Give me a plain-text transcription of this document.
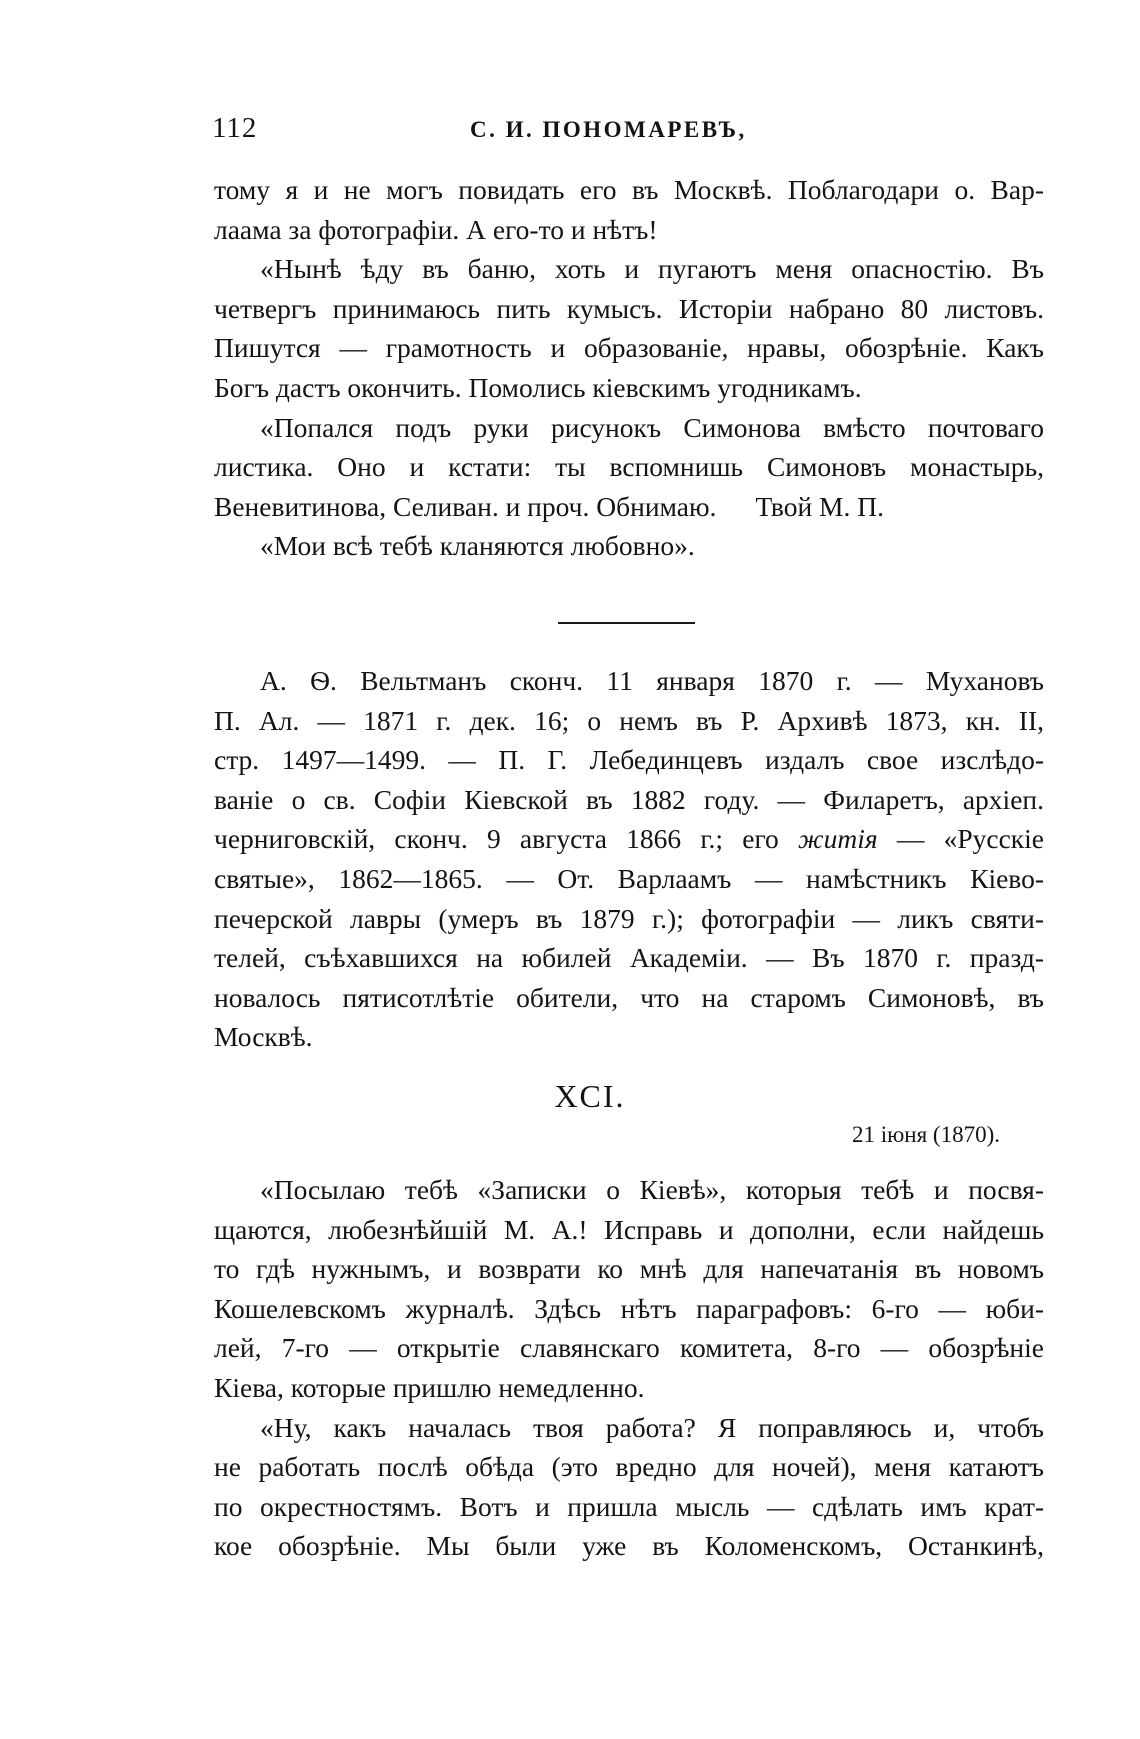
112	С. И. ПОНОМАРЕВЪ,
тому я и не могъ повидать его въ Москвѣ. Поблагодари о. Вар-
лаама за фотографіи. А его-то и нѣтъ!
«Нынѣ ѣду въ баню, хоть и пугаютъ меня опасностію. Въ
четвергъ принимаюсь пить кумысъ. Исторіи набрано 80 листовъ.
Пишутся — грамотность и образованіе, нравы, обозрѣніе. Какъ
Богъ дастъ окончить. Помолись кіевскимъ угодникамъ.
«Попался подъ руки рисунокъ Симонова вмѣсто почтоваго
листика. Оно и кстати: ты вспомнишь Симоновъ монастырь,
Веневитинова, Селиван. и проч. Обнимаю. Твой М. П.
«Мои всѣ тебѣ кланяются любовно».
А. Ѳ. Вельтманъ сконч. 11 января 1870 г. — Мухановъ
П. Ал. — 1871 г. дек. 16; о немъ въ Р. Архивѣ 1873, кн. II,
стр. 1497—1499. — П. Г. Лебединцевъ издалъ свое изслѣдо-
ваніе о св. Софіи Кіевской въ 1882 году. — Филаретъ, архіеп.
черниговскій, сконч. 9 августа 1866 г.; его житія — «Русскіе
святые», 1862—1865. — От. Варлаамъ — намѣстникъ Кіево-
печерской лавры (умеръ въ 1879 г.); фотографіи — ликъ святи-
телей, съѣхавшихся на юбилей Академіи. — Въ 1870 г. празд-
новалось пятисотлѣтіе обители, что на старомъ Симоновѣ, въ
Москвѣ.
XCI.
21 іюня (1870).
«Посылаю тебѣ «Записки о Кіевѣ», которыя тебѣ и посвя-
щаются, любезнѣйшій М. А.! Исправь и дополни, если найдешь
то гдѣ нужнымъ, и возврати ко мнѣ для напечатанія въ новомъ
Кошелевскомъ журналѣ. Здѣсь нѣтъ параграфовъ: 6-го — юби-
лей, 7-го — открытіе славянскаго комитета, 8-го — обозрѣніе
Кіева, которые пришлю немедленно.
«Ну, какъ началась твоя работа? Я поправляюсь и, чтобъ
не работать послѣ обѣда (это вредно для ночей), меня катаютъ
по окрестностямъ. Вотъ и пришла мысль — сдѣлать имъ крат-
кое обозрѣніе. Мы были уже въ Коломенскомъ, Останкинѣ,
